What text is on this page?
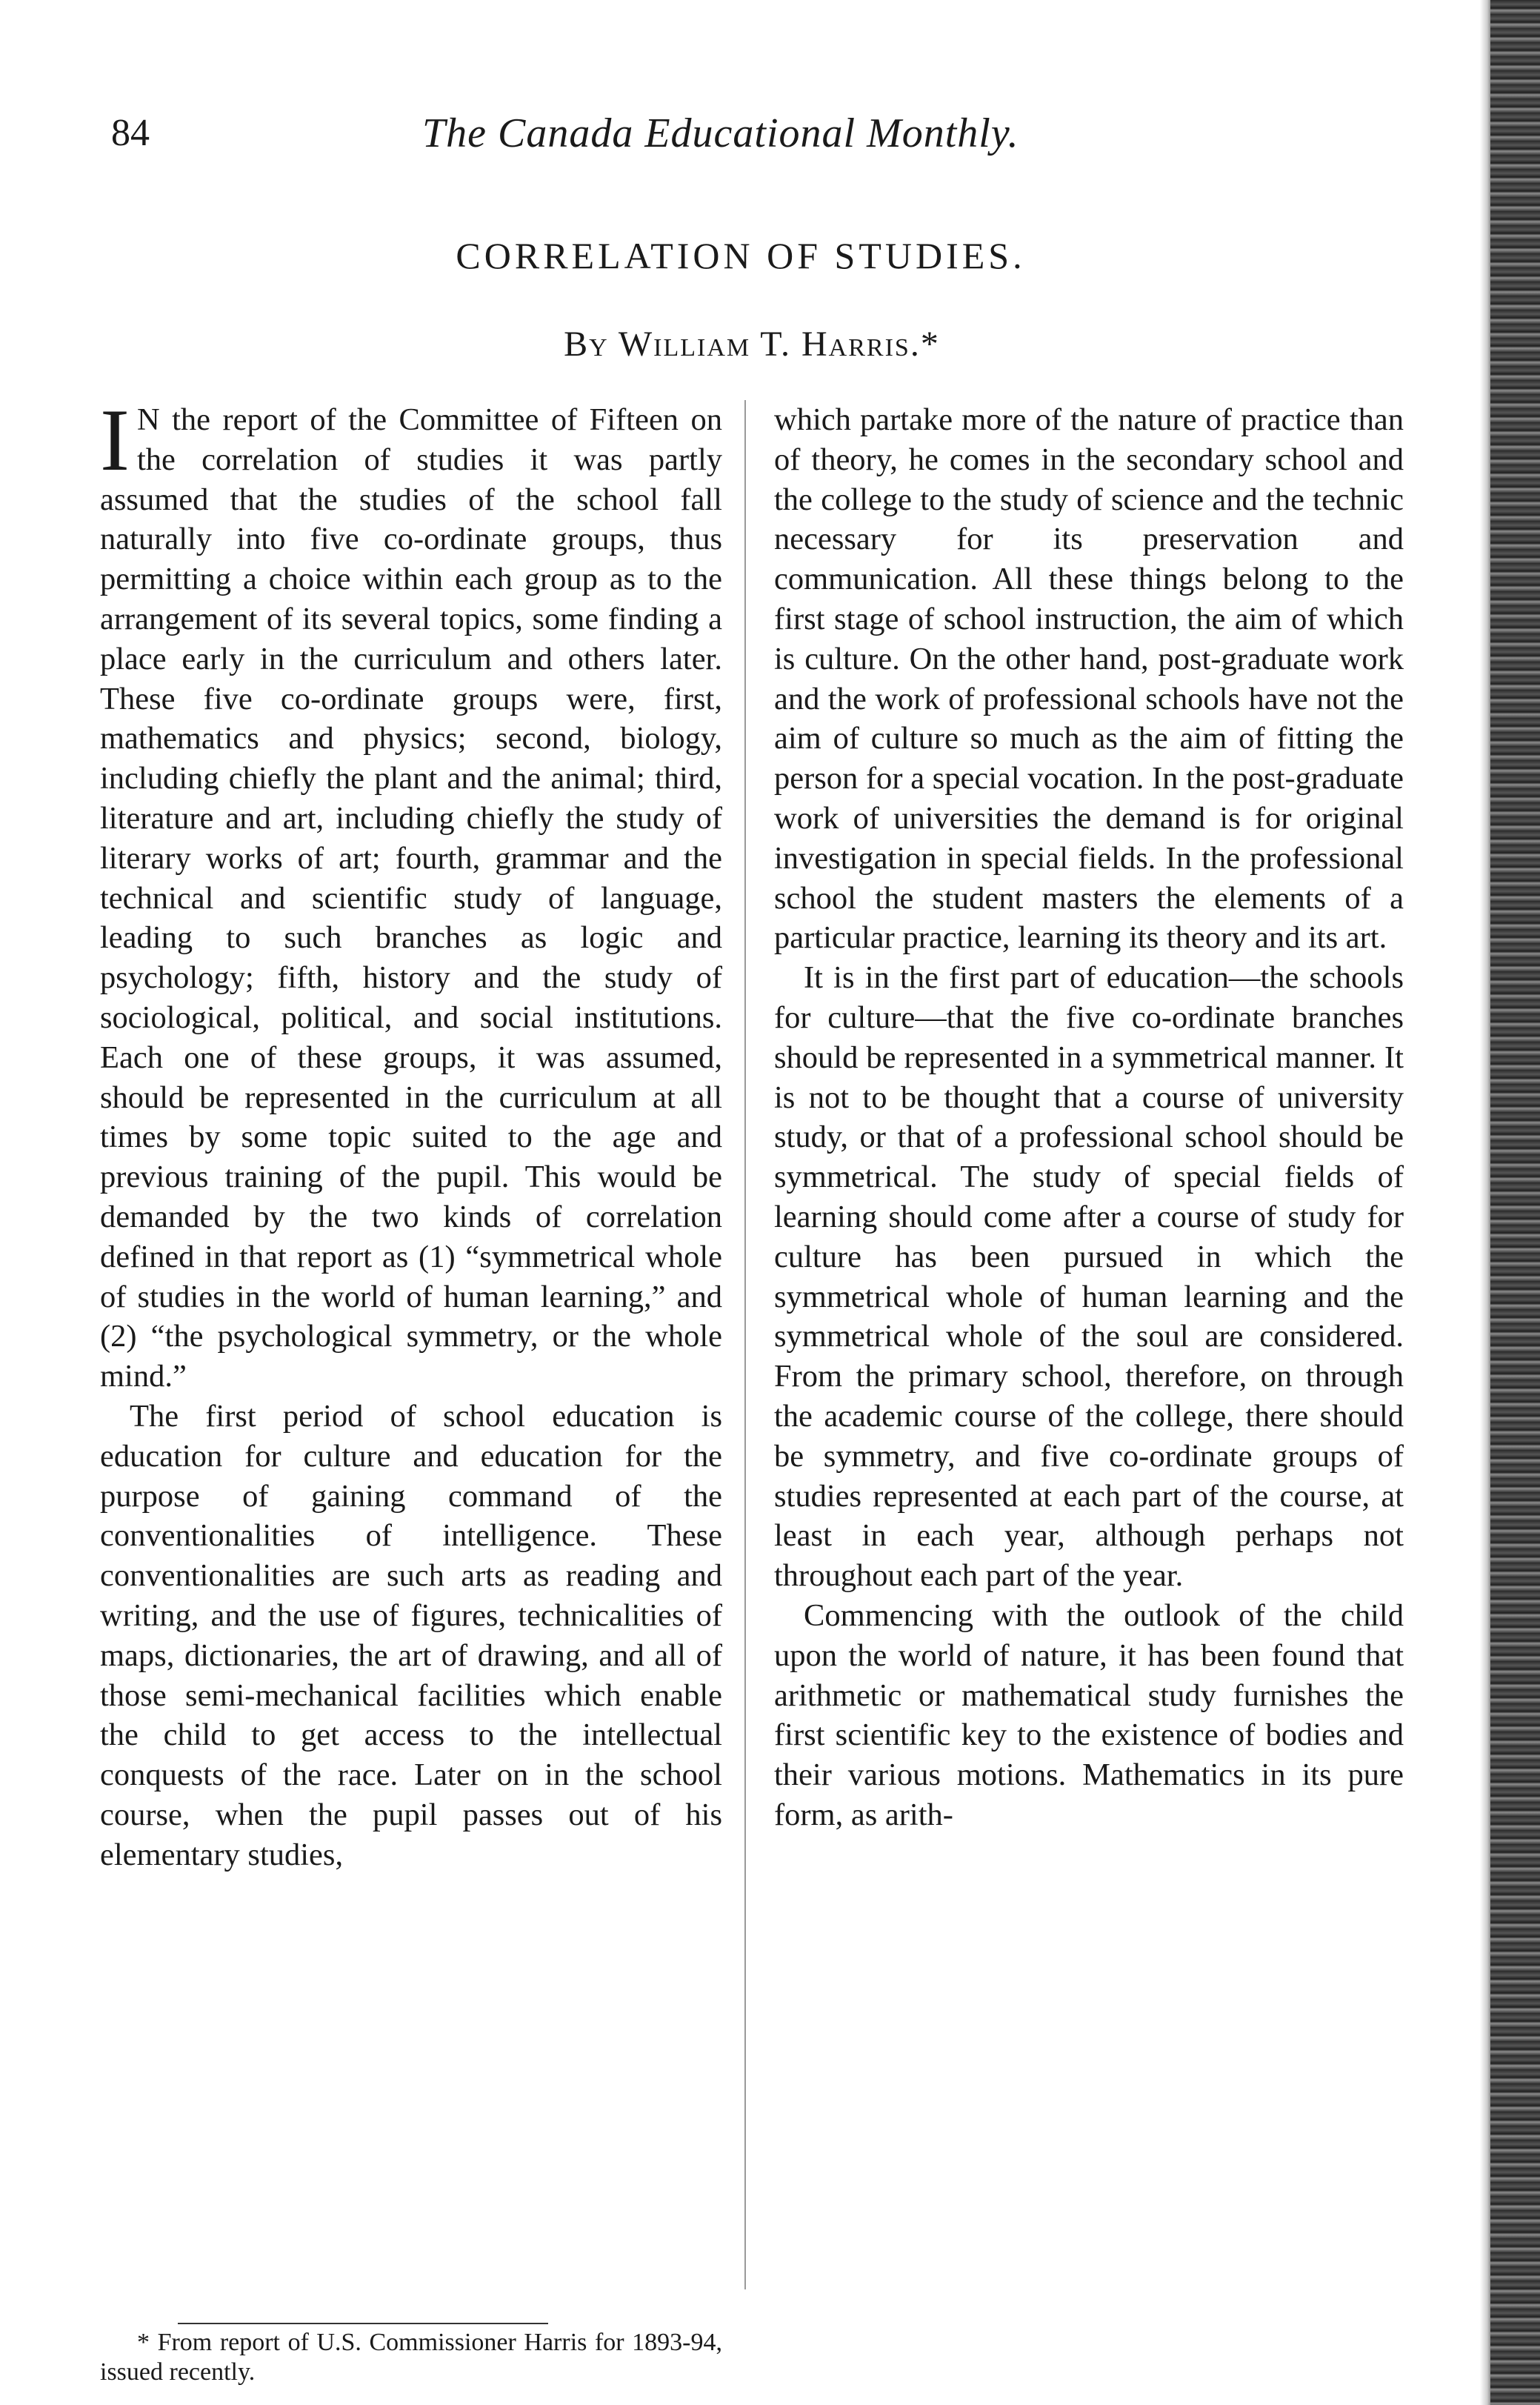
84	The Canada Educational Monthly.
CORRELATION OF STUDIES.
By William T. Harris.*

I N the report of the Committee of Fifteen on the correlation of studies it was partly assumed that the studies of the school fall naturally into five co-ordinate groups, thus permitting a choice within each group as to the arrangement of its several topics, some finding a place early in the curriculum and others later. These five co-ordinate groups were, first, mathematics and physics; second, biology, including chiefly the plant and the animal; third, literature and art, including chiefly the study of literary works of art; fourth, grammar and the technical and scientific study of language, leading to such branches as logic and psychology; fifth, history and the study of sociological, political, and social institutions. Each one of these groups, it was assumed, should be represented in the curriculum at all times by some topic suited to the age and previous training of the pupil. This would be demanded by the two kinds of correlation defined in that report as (1) “symmetrical whole of studies in the world of human learning,” and (2) “the psychological symmetry, or the whole mind.”

The first period of school education is education for culture and education for the purpose of gaining command of the conventionalities of intelligence. These conventionalities are such arts as reading and writing, and the use of figures, technicalities of maps, dictionaries, the art of drawing, and all of those semi-mechanical facilities which enable the child to get access to the intellectual conquests of the race. Later on in the school course, when the pupil passes out of his elementary studies,

which partake more of the nature of practice than of theory, he comes in the secondary school and the college to the study of science and the technic necessary for its preservation and communication. All these things belong to the first stage of school instruction, the aim of which is culture. On the other hand, post-graduate work and the work of professional schools have not the aim of culture so much as the aim of fitting the person for a special vocation. In the post-graduate work of universities the demand is for original investigation in special fields. In the professional school the student masters the elements of a particular practice, learning its theory and its art.

It is in the first part of education—the schools for culture—that the five co-ordinate branches should be represented in a symmetrical manner. It is not to be thought that a course of university study, or that of a professional school should be symmetrical. The study of special fields of learning should come after a course of study for culture has been pursued in which the symmetrical whole of human learning and the symmetrical whole of the soul are considered. From the primary school, therefore, on through the academic course of the college, there should be symmetry, and five co-ordinate groups of studies represented at each part of the course, at least in each year, although perhaps not throughout each part of the year.

Commencing with the outlook of the child upon the world of nature, it has been found that arithmetic or mathematical study furnishes the first scientific key to the existence of bodies and their various motions. Mathematics in its pure form, as arith-

* From report of U.S. Commissioner Harris for 1893-94, issued recently.
